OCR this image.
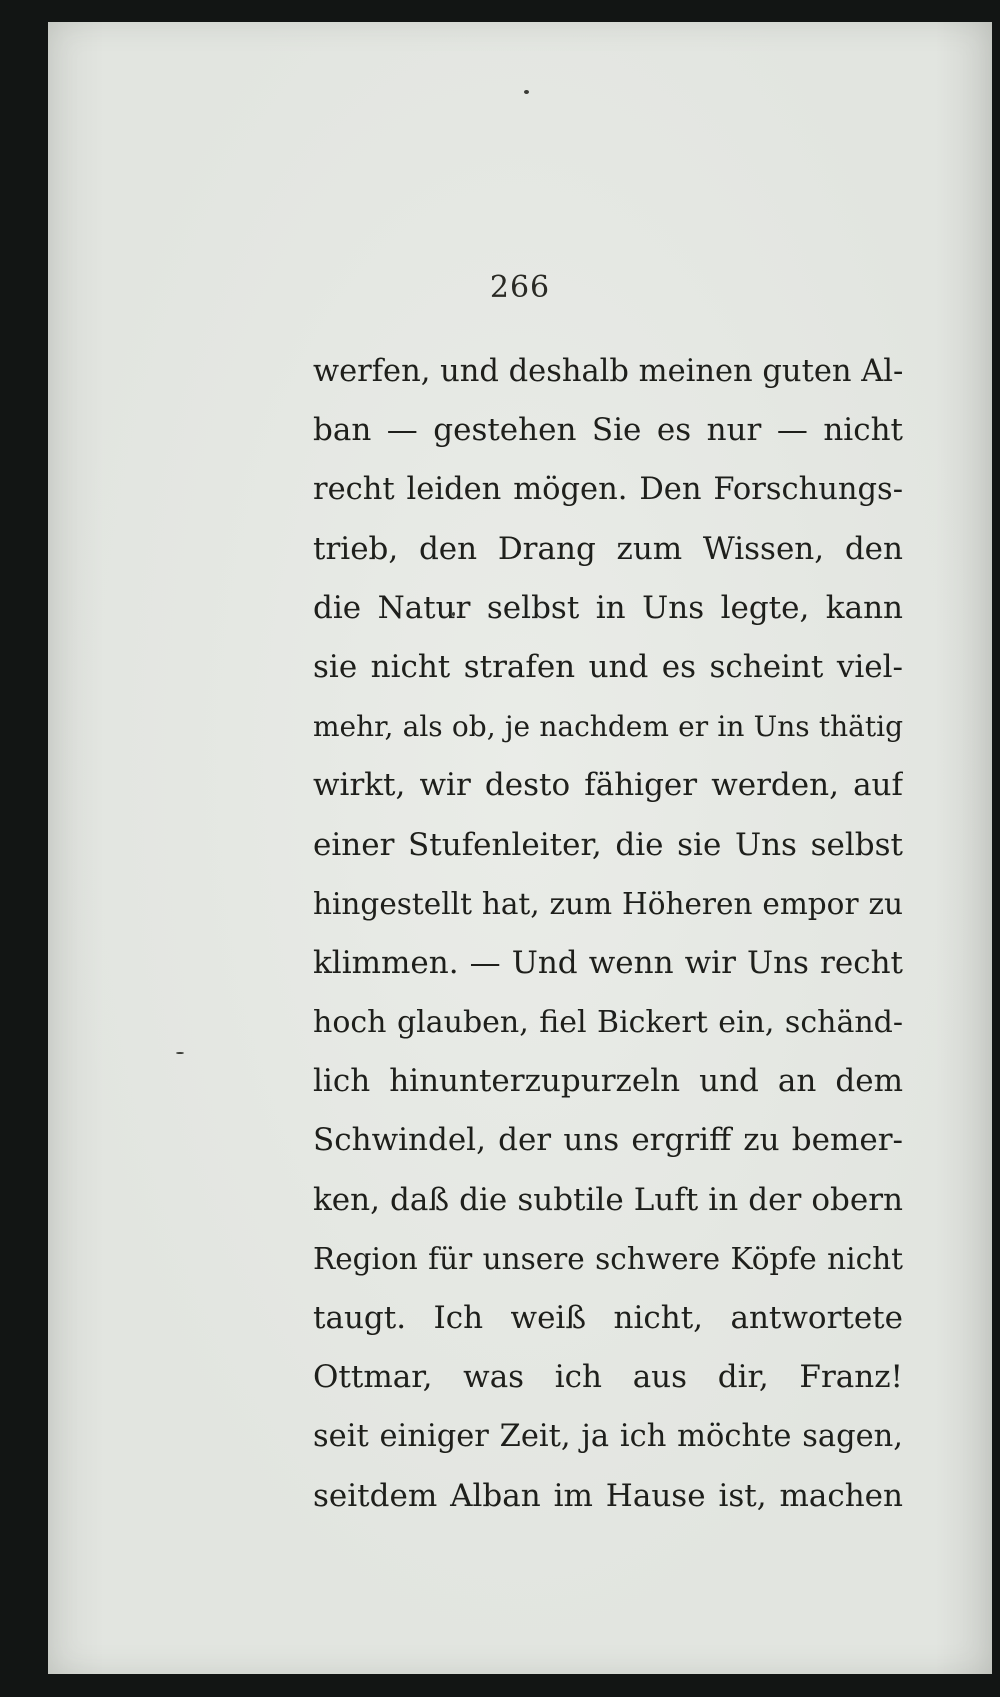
266
werfen, und deshalb meinen guten Al-
ban — gestehen Sie es nur — nicht
recht leiden mögen. Den Forschungs-
trieb, den Drang zum Wissen, den
die Natur selbst in Uns legte, kann
sie nicht strafen und es scheint viel-
mehr, als ob, je nachdem er in Uns thätig
wirkt, wir desto fähiger werden, auf
einer Stufenleiter, die sie Uns selbst
hingestellt hat, zum Höheren empor zu
klimmen. — Und wenn wir Uns recht
hoch glauben, fiel Bickert ein, schänd-
lich hinunterzupurzeln und an dem
Schwindel, der uns ergriff zu bemer-
ken, daß die subtile Luft in der obern
Region für unsere schwere Köpfe nicht
taugt. Ich weiß nicht, antwortete
Ottmar, was ich aus dir, Franz!
seit einiger Zeit, ja ich möchte sagen,
seitdem Alban im Hause ist, machen
